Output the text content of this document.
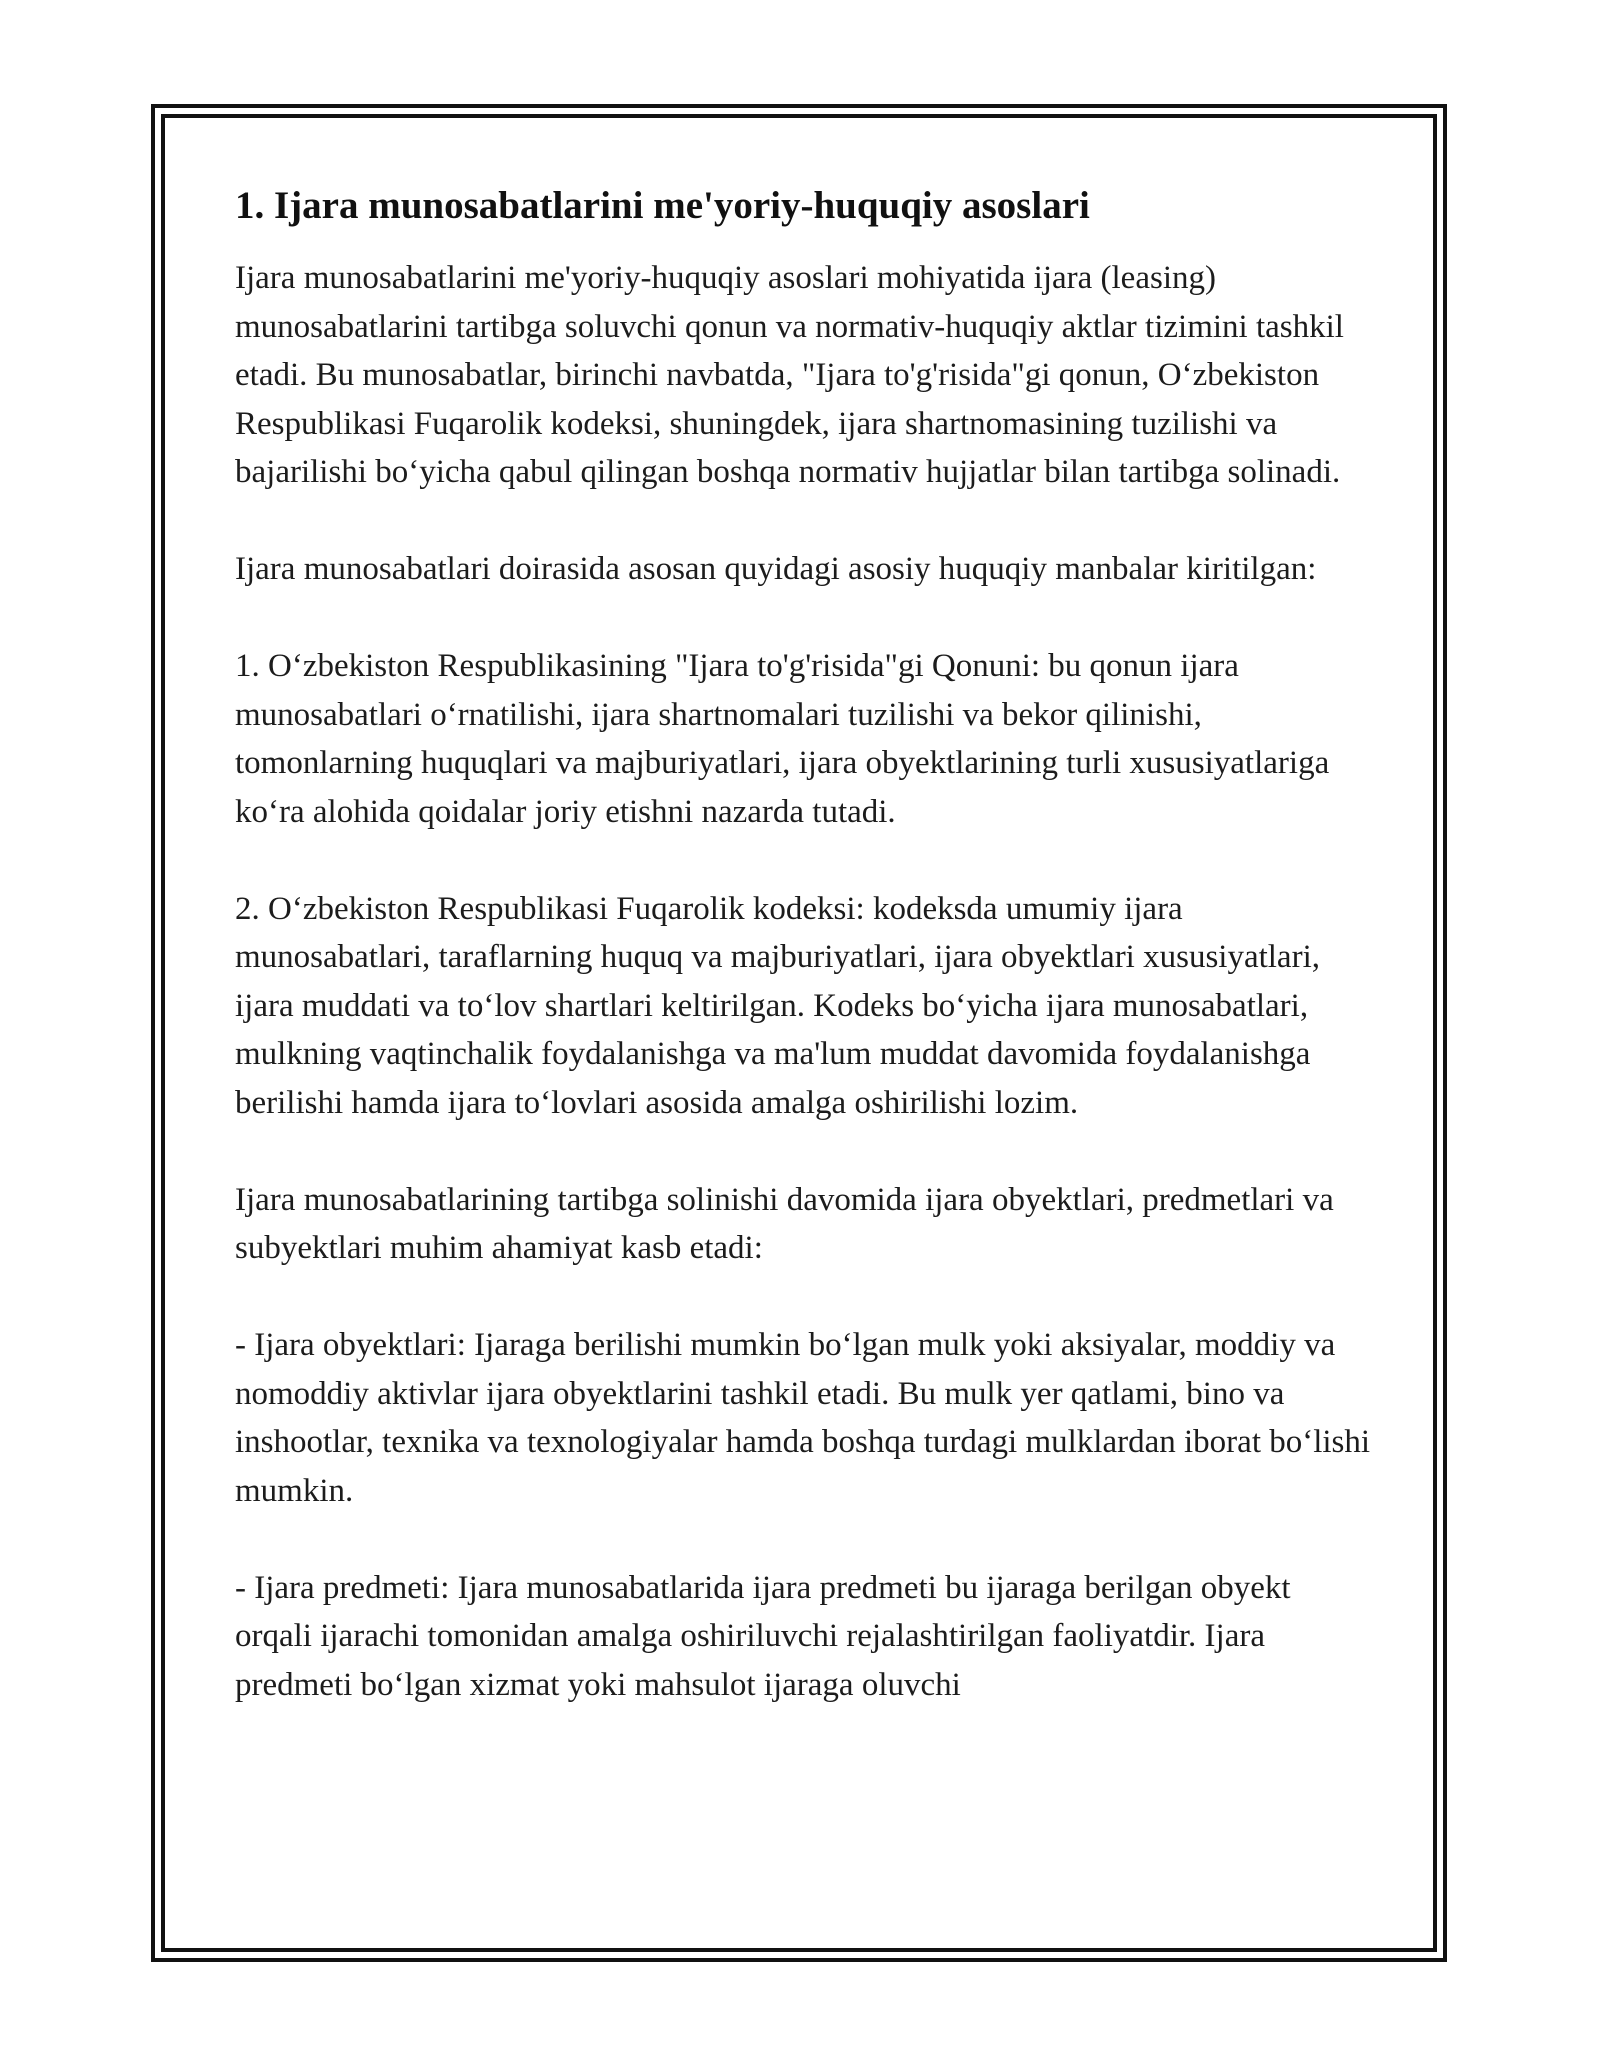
1. Ijara munosabatlarini me'yoriy-huquqiy asoslari

Ijara munosabatlarini me'yoriy-huquqiy asoslari mohiyatida ijara (leasing) munosabatlarini tartibga soluvchi qonun va normativ-huquqiy aktlar tizimini tashkil etadi. Bu munosabatlar, birinchi navbatda, "Ijara to'g'risida"gi qonun, O‘zbekiston Respublikasi Fuqarolik kodeksi, shuningdek, ijara shartnomasining tuzilishi va bajarilishi bo‘yicha qabul qilingan boshqa normativ hujjatlar bilan tartibga solinadi.

Ijara munosabatlari doirasida asosan quyidagi asosiy huquqiy manbalar kiritilgan:

1. O‘zbekiston Respublikasining "Ijara to'g'risida"gi Qonuni: bu qonun ijara munosabatlari o‘rnatilishi, ijara shartnomalari tuzilishi va bekor qilinishi, tomonlarning huquqlari va majburiyatlari, ijara obyektlarining turli xususiyatlariga ko‘ra alohida qoidalar joriy etishni nazarda tutadi.

2. O‘zbekiston Respublikasi Fuqarolik kodeksi: kodeksda umumiy ijara munosabatlari, taraflarning huquq va majburiyatlari, ijara obyektlari xususiyatlari, ijara muddati va to‘lov shartlari keltirilgan. Kodeks bo‘yicha ijara munosabatlari, mulkning vaqtinchalik foydalanishga va ma'lum muddat davomida foydalanishga berilishi hamda ijara to‘lovlari asosida amalga oshirilishi lozim.

Ijara munosabatlarining tartibga solinishi davomida ijara obyektlari, predmetlari va subyektlari muhim ahamiyat kasb etadi:

- Ijara obyektlari: Ijaraga berilishi mumkin bo‘lgan mulk yoki aksiyalar, moddiy va nomoddiy aktivlar ijara obyektlarini tashkil etadi. Bu mulk yer qatlami, bino va inshootlar, texnika va texnologiyalar hamda boshqa turdagi mulklardan iborat bo‘lishi mumkin.

- Ijara predmeti: Ijara munosabatlarida ijara predmeti bu ijaraga berilgan obyekt orqali ijarachi tomonidan amalga oshiriluvchi rejalashtirilgan faoliyatdir. Ijara predmeti bo‘lgan xizmat yoki mahsulot ijaraga oluvchi
